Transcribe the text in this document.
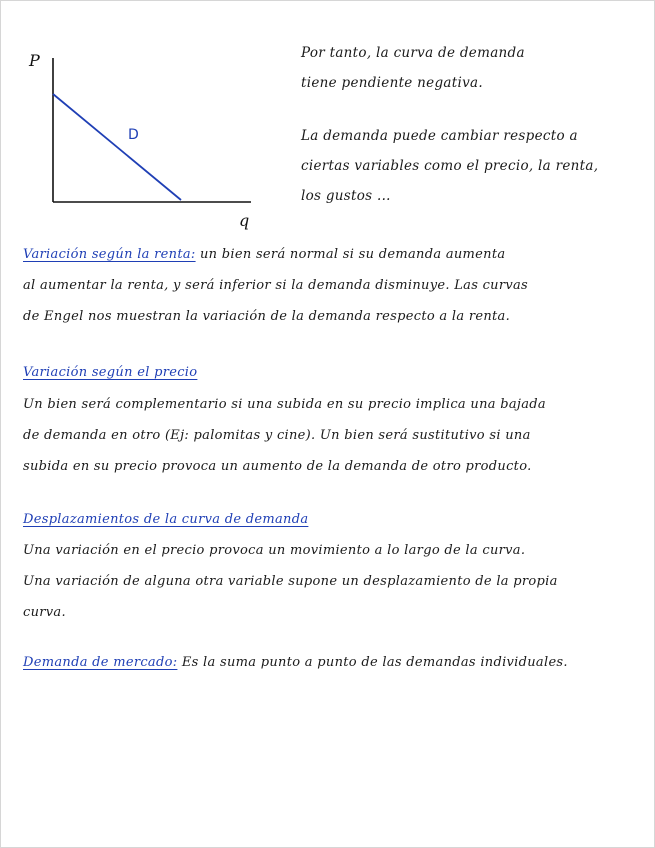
P
D
q

Por tanto, la curva de demanda

tiene pendiente negativa.

La demanda puede cambiar respecto a

ciertas variables como el precio, la renta,

los gustos ...

Variación según la renta: un bien será normal si su demanda aumenta

al aumentar la renta, y será inferior si la demanda disminuye. Las curvas

de Engel nos muestran la variación de la demanda respecto a la renta.

Variación según el precio

Un bien será complementario si una subida en su precio implica una bajada

de demanda en otro (Ej: palomitas y cine). Un bien será sustitutivo si una

subida en su precio provoca un aumento de la demanda de otro producto.

Desplazamientos de la curva de demanda

Una variación en el precio provoca un movimiento a lo largo de la curva.

Una variación de alguna otra variable supone un desplazamiento de la propia

curva.

Demanda de mercado: Es la suma punto a punto de las demandas individuales.
